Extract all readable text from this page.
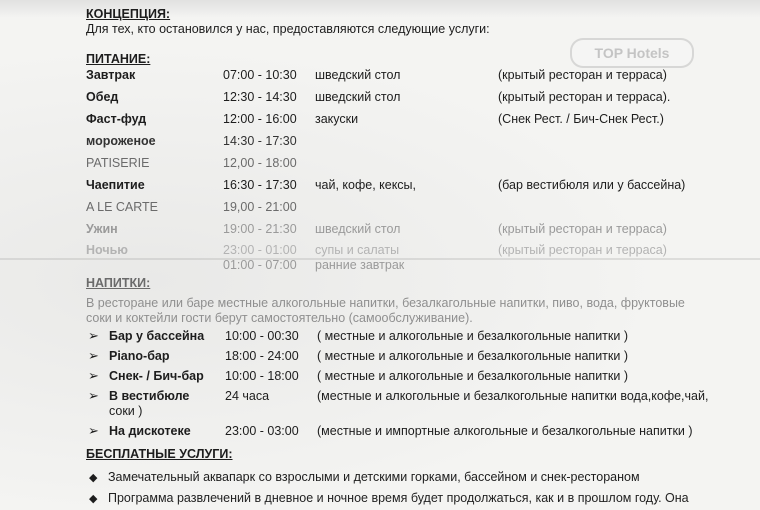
TOP Hotels
КОНЦЕПЦИЯ:
Для тех, кто остановился у нас, предоставляются следующие услуги:
ПИТАНИЕ:
Завтрак	07:00 - 10:30 шведский стол	(крытый ресторан и терраса)
Обед	12:30 - 14:30 шведский стол	(крытый ресторан и терраса).
Фаст-фуд	12:00 - 16:00 закуски	(Снек Рест. / Бич-Снек Рест.)
мороженое	14:30 - 17:30
PATISERIE	12,00 - 18:00
Чаепитие	16:30 - 17:30 чай, кофе, кексы,	(бар вестибюля или у бассейна)
A LE CARTE	19,00 - 21:00
Ужин	19:00 - 21:30 шведский стол	(крытый ресторан и терраса)
Ночью	23:00 - 01:00 супы и салаты	(крытый ресторан и терраса)
01:00 - 07:00 ранние завтрак
НАПИТКИ:
В ресторане или баре местные алкогольные напитки, безалкагольные напитки, пиво, вода, фруктовые соки и коктейли гости берут самостоятельно (самообслуживание).
➢ Бар у бассейна 10:00 - 00:30 ( местные и алкогольные и безалкогольные напитки )
➢ Piano-бар	18:00 - 24:00 ( местные и алкогольные и безалкогольные напитки )
➢ Снек- / Бич-бар 10:00 - 18:00 ( местные и алкогольные и безалкогольные напитки )
➢ В вестибюле	24 часа	(местные и алкогольные и безалкогольные напитки вода,кофе,чай,
соки )
➢ На дискотеке	23:00 - 03:00 (местные и импортные алкогольные и безалкогольные напитки )
БЕСПЛАТНЫЕ УСЛУГИ:
◆ Замечательный аквапарк со взрослыми и детскими горками, бассейном и снек-рестораном
◆ Программа развлечений в дневное и ночное время будет продолжаться, как и в прошлом году. Она
